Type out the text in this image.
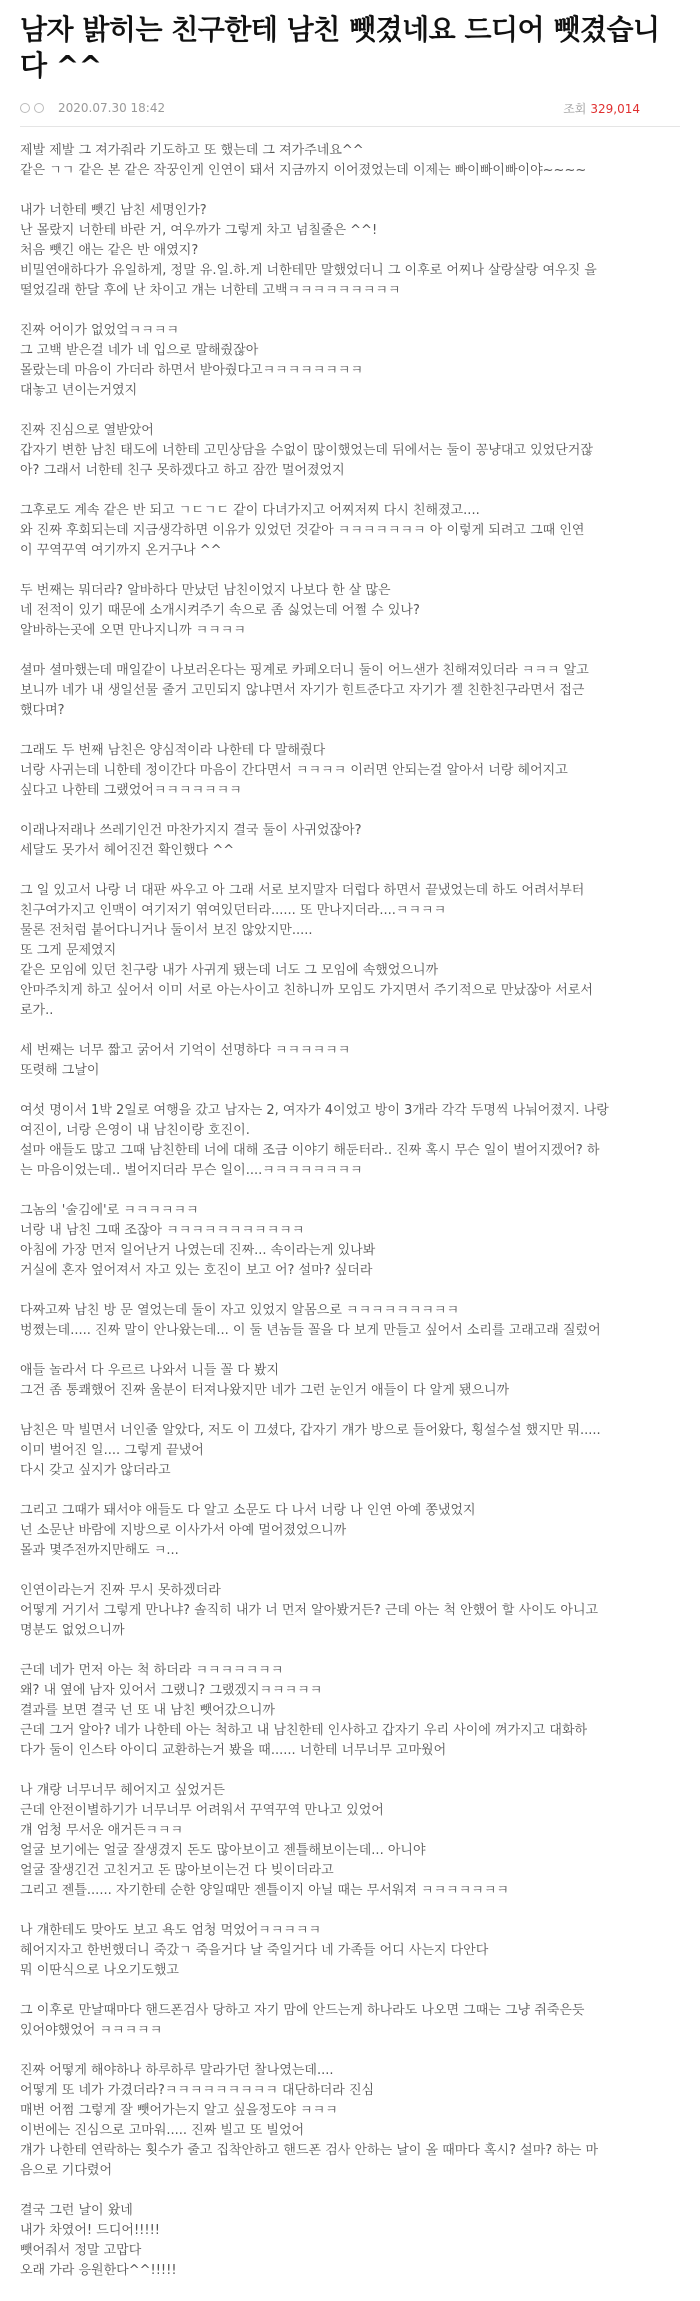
남자 밝히는 친구한테 남친 뺏겼네요 드디어 뺏겼습니다 ^^
2020.07.30 18:42	조회 329,014
제발 제발 그 져가줘라 기도하고 또 했는데 그 져가주네요^^
같은 ㄱㄱ 같은 본 같은 작꿍인게 인연이 돼서 지금까지 이어졌었는데 이제는 빠이빠이빠이야~~~~
내가 너한테 뺏긴 남친 세명인가?
난 몰랐지 너한테 바란 거, 여우까가 그렇게 차고 넘칠줄은 ^^!
처음 뺏긴 애는 같은 반 애였지?
비밀연애하다가 유일하게, 정말 유.일.하.게 너한테만 말했었더니 그 이후로 어찌나 살랑살랑 여우짓 을
떨었길래 한달 후에 난 차이고 걔는 너한테 고백ㅋㅋㅋㅋㅋㅋㅋㅋㅋ
진짜 어이가 없었엌ㅋㅋㅋㅋ
그 고백 받은걸 네가 네 입으로 말해줬잖아
몰랐는데 마음이 가더라 하면서 받아줬다고ㅋㅋㅋㅋㅋㅋㅋㅋ
대놓고 년이는거였지
진짜 진심으로 열받았어
갑자기 변한 남친 태도에 너한테 고민상담을 수없이 많이했었는데 뒤에서는 둘이 꽁냥대고 있었단거잖
아? 그래서 너한테 친구 못하겠다고 하고 잠깐 멀어졌었지
그후로도 계속 같은 반 되고 ㄱㄷㄱㄷ 같이 다녀가지고 어찌저찌 다시 친해졌고....
와 진짜 후회되는데 지금생각하면 이유가 있었던 것같아 ㅋㅋㅋㅋㅋㅋㅋ 아 이렇게 되려고 그때 인연
이 꾸역꾸역 여기까지 온거구나 ^^
두 번째는 뭐더라? 알바하다 만났던 남친이었지 나보다 한 살 많은
네 전적이 있기 때문에 소개시켜주기 속으로 좀 싫었는데 어쩔 수 있나?
알바하는곳에 오면 만나지니까 ㅋㅋㅋㅋ
셜마 셜마했는데 매일같이 나보러온다는 핑계로 카페오더니 둘이 어느샌가 친해져있더라 ㅋㅋㅋ 알고
보니까 네가 내 생일선물 줄거 고민되지 않냐면서 자기가 힌트준다고 자기가 젤 친한친구라면서 접근
했다며?
그래도 두 번째 남친은 양심적이라 나한테 다 말해줬다
너랑 사귀는데 니한테 정이간다 마음이 간다면서 ㅋㅋㅋㅋ 이러면 안되는걸 알아서 너랑 헤어지고
싶다고 나한테 그랬었어ㅋㅋㅋㅋㅋㅋㅋ
이래나저래나 쓰레기인건 마찬가지지 결국 둘이 사귀었잖아?
세달도 못가서 헤어진건 확인했다 ^^
그 일 있고서 나랑 너 대판 싸우고 아 그래 서로 보지말자 더럽다 하면서 끝냈었는데 하도 어려서부터
친구여가지고 인맥이 여기저기 엮여있던터라...... 또 만나지더라....ㅋㅋㅋㅋ
물론 전처럼 붙어다니거나 둘이서 보진 않았지만.....
또 그게 문제였지
같은 모임에 있던 친구랑 내가 사귀게 됐는데 너도 그 모임에 속했었으니까
안마주치게 하고 싶어서 이미 서로 아는사이고 친하니까 모임도 가지면서 주기적으로 만났잖아 서로서
로가..
세 번째는 너무 짧고 굵어서 기억이 선명하다 ㅋㅋㅋㅋㅋㅋ
또렷해 그날이
여섯 명이서 1박 2일로 여행을 갔고 남자는 2, 여자가 4이었고 방이 3개라 각각 두명씩 나눠어졌지. 나랑
여진이, 너랑 은영이 내 남친이랑 호진이.
설마 애들도 많고 그때 남친한테 너에 대해 조금 이야기 해둔터라.. 진짜 혹시 무슨 일이 벌어지겠어? 하
는 마음이었는데.. 벌어지더라 무슨 일이....ㅋㅋㅋㅋㅋㅋㅋㅋ
그놈의 '술김에'로 ㅋㅋㅋㅋㅋㅋ
너랑 내 남친 그때 조잖아 ㅋㅋㅋㅋㅋㅋㅋㅋㅋㅋㅋ
아침에 가장 먼저 일어난거 나였는데 진짜... 속이라는게 있나봐
거실에 혼자 엎어져서 자고 있는 호진이 보고 어? 설마? 싶더라
다짜고짜 남친 방 문 열었는데 둘이 자고 있었지 알몸으로 ㅋㅋㅋㅋㅋㅋㅋㅋㅋ
벙쪘는데..... 진짜 말이 안나왔는데... 이 둘 년놈들 꼴을 다 보게 만들고 싶어서 소리를 고래고래 질렀어
애들 놀라서 다 우르르 나와서 니들 꼴 다 봤지
그건 좀 통쾌했어 진짜 울분이 터져나왔지만 네가 그런 눈인거 애들이 다 알게 됐으니까
남친은 막 빌면서 너인줄 알았다, 저도 이 끄셨다, 갑자기 걔가 방으로 들어왔다, 횡설수설 했지만 뭐.....
이미 벌어진 일.... 그렇게 끝냈어
다시 갖고 싶지가 않더라고
그리고 그때가 돼서야 애들도 다 알고 소문도 다 나서 너랑 나 인연 아예 쫑냈었지
넌 소문난 바람에 지방으로 이사가서 아예 멀어졌었으니까
몰과 몇주전까지만해도 ㅋ...
인연이라는거 진짜 무시 못하겠더라
어떻게 거기서 그렇게 만나냐? 솔직히 내가 너 먼저 알아봤거든? 근데 아는 척 안했어 할 사이도 아니고
명분도 없었으니까
근데 네가 먼저 아는 척 하더라 ㅋㅋㅋㅋㅋㅋㅋ
왜? 내 옆에 남자 있어서 그랬니? 그랬겠지ㅋㅋㅋㅋㅋ
결과를 보면 결국 넌 또 내 남친 뺏어갔으니까
근데 그거 알아? 네가 나한테 아는 척하고 내 남친한테 인사하고 갑자기 우리 사이에 껴가지고 대화하
다가 둘이 인스타 아이디 교환하는거 봤을 때...... 너한테 너무너무 고마웠어
나 걔랑 너무너무 헤어지고 싶었거든
근데 안전이별하기가 너무너무 어려워서 꾸역꾸역 만나고 있었어
걔 엄청 무서운 애거든ㅋㅋㅋ
얼굴 보기에는 얼굴 잘생겼지 돈도 많아보이고 젠틀해보이는데... 아니야
얼굴 잘생긴건 고친거고 돈 많아보이는건 다 빚이더라고
그리고 젠틀...... 자기한테 순한 양일때만 젠틀이지 아닐 때는 무서워져 ㅋㅋㅋㅋㅋㅋㅋ
나 걔한테도 맞아도 보고 욕도 엄청 먹었어ㅋㅋㅋㅋㅋ
헤어지자고 한번했더니 죽갔ㄱ 죽을거다 날 죽일거다 네 가족들 어디 사는지 다안다
뭐 이딴식으로 나오기도했고
그 이후로 만날때마다 핸드폰검사 당하고 자기 맘에 안드는게 하나라도 나오면 그때는 그냥 쥐죽은듯
있어야했었어 ㅋㅋㅋㅋㅋ
진짜 어떻게 해야하나 하루하루 말라가던 찰나였는데....
어떻게 또 네가 가겼더라?ㅋㅋㅋㅋㅋㅋㅋㅋㅋ 대단하더라 진심
매번 어쩜 그렇게 잘 뺏어가는지 알고 싶을정도야 ㅋㅋㅋ
이번에는 진심으로 고마워..... 진짜 빌고 또 빌었어
걔가 나한테 연락하는 횟수가 줄고 집착안하고 핸드폰 검사 안하는 날이 올 때마다 혹시? 설마? 하는 마
음으로 기다렸어
결국 그런 날이 왔네
내가 차였어! 드디어!!!!!
뺏어줘서 정말 고맙다
오래 가라 응원한다^^!!!!!
